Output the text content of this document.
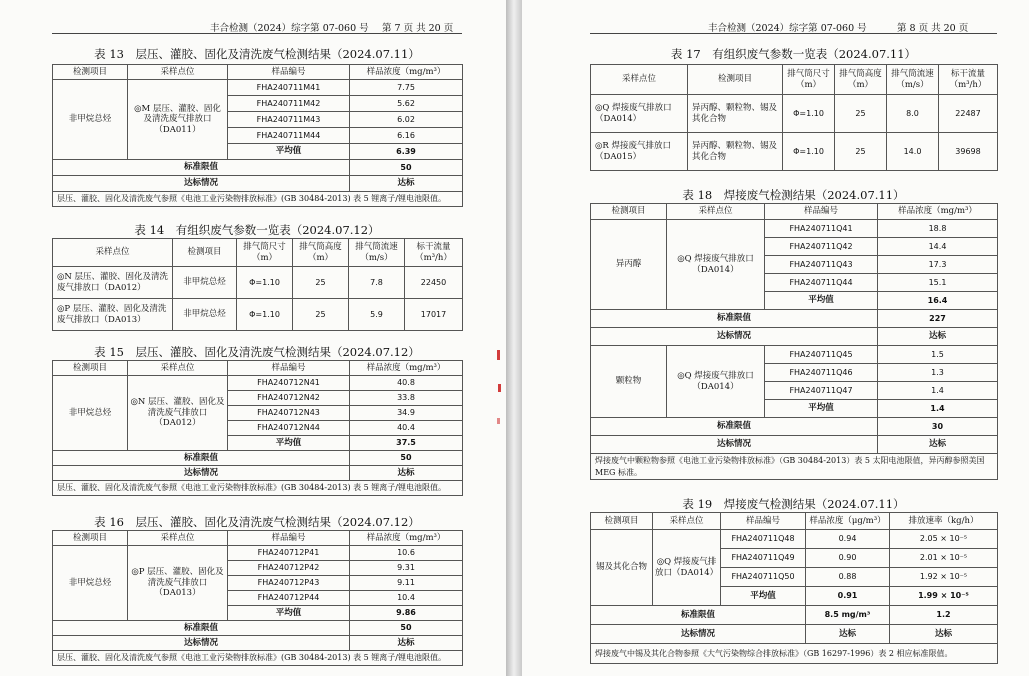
丰合检测（2024）综字第 07-060 号 第 7 页 共 20 页
表 13　层压、灌胶、固化及清洗废气检测结果（2024.07.11）
检测项目	采样点位	样品编号	样品浓度（mg/m³）
非甲烷总烃	◎M 层压、灌胶、固化及清洗废气排放口（DA011）	FHA240711M41	7.75
		FHA240711M42	5.62
		FHA240711M43	6.02
		FHA240711M44	6.16
		平均值	6.39
标准限值			50
达标情况			达标
层压、灌胶、固化及清洗废气参照《电池工业污染物排放标准》(GB 30484-2013) 表 5 锂离子/锂电池限值。			
表 14　有组织废气参数一览表（2024.07.12）
采样点位	检测项目	排气筒尺寸（m）	排气筒高度（m）	排气筒流速（m/s）	标干流量（m³/h）
◎N 层压、灌胶、固化及清洗废气排放口（DA012）	非甲烷总烃	Φ=1.10	25	7.8	22450
◎P 层压、灌胶、固化及清洗废气排放口（DA013）	非甲烷总烃	Φ=1.10	25	5.9	17017
表 15　层压、灌胶、固化及清洗废气检测结果（2024.07.12）
检测项目	采样点位	样品编号	样品浓度（mg/m³）
非甲烷总烃	◎N 层压、灌胶、固化及清洗废气排放口（DA012）	FHA240712N41	40.8
		FHA240712N42	33.8
		FHA240712N43	34.9
		FHA240712N44	40.4
		平均值	37.5
标准限值			50
达标情况			达标
层压、灌胶、固化及清洗废气参照《电池工业污染物排放标准》(GB 30484-2013) 表 5 锂离子/锂电池限值。			
表 16　层压、灌胶、固化及清洗废气检测结果（2024.07.12）
检测项目	采样点位	样品编号	样品浓度（mg/m³）
非甲烷总烃	◎P 层压、灌胶、固化及清洗废气排放口（DA013）	FHA240712P41	10.6
		FHA240712P42	9.31
		FHA240712P43	9.11
		FHA240712P44	10.4
		平均值	9.86
标准限值			50
达标情况			达标
层压、灌胶、固化及清洗废气参照《电池工业污染物排放标准》(GB 30484-2013) 表 5 锂离子/锂电池限值。			
丰合检测（2024）综字第 07-060 号	第 8 页 共 20 页
表 17　有组织废气参数一览表（2024.07.11）
采样点位	检测项目	排气筒尺寸（m）	排气筒高度（m）	排气筒流速（m/s）	标干流量（m³/h）
◎Q 焊接废气排放口（DA014）	异丙醇、颗粒物、锡及其化合物	Φ=1.10	25	8.0	22487
◎R 焊接废气排放口（DA015）	异丙醇、颗粒物、锡及其化合物	Φ=1.10	25	14.0	39698
表 18　焊接废气检测结果（2024.07.11）
检测项目	采样点位	样品编号	样品浓度（mg/m³）
异丙醇	◎Q 焊接废气排放口（DA014）	FHA240711Q41	18.8
		FHA240711Q42	14.4
		FHA240711Q43	17.3
		FHA240711Q44	15.1
		平均值	16.4
标准限值			227
达标情况			达标
颗粒物	◎Q 焊接废气排放口（DA014）	FHA240711Q45	1.5
		FHA240711Q46	1.3
		FHA240711Q47	1.4
		平均值	1.4
标准限值			30
达标情况			达标
焊接废气中颗粒物参照《电池工业污染物排放标准》（GB 30484-2013）表 5 太阳电池限值，异丙醇参照美国 MEG 标准。			
表 19　焊接废气检测结果（2024.07.11）
检测项目	采样点位	样品编号	样品浓度（μg/m³）	排放速率（kg/h）
锡及其化合物	◎Q 焊接废气排放口（DA014）	FHA240711Q48	0.94	2.05 × 10⁻⁵
		FHA240711Q49	0.90	2.01 × 10⁻⁵
		FHA240711Q50	0.88	1.92 × 10⁻⁵
		平均值	0.91	1.99 × 10⁻⁵
标准限值			8.5 mg/m³	1.2
达标情况			达标	达标
焊接废气中锡及其化合物参照《大气污染物综合排放标准》（GB 16297-1996）表 2 相应标准限值。				
